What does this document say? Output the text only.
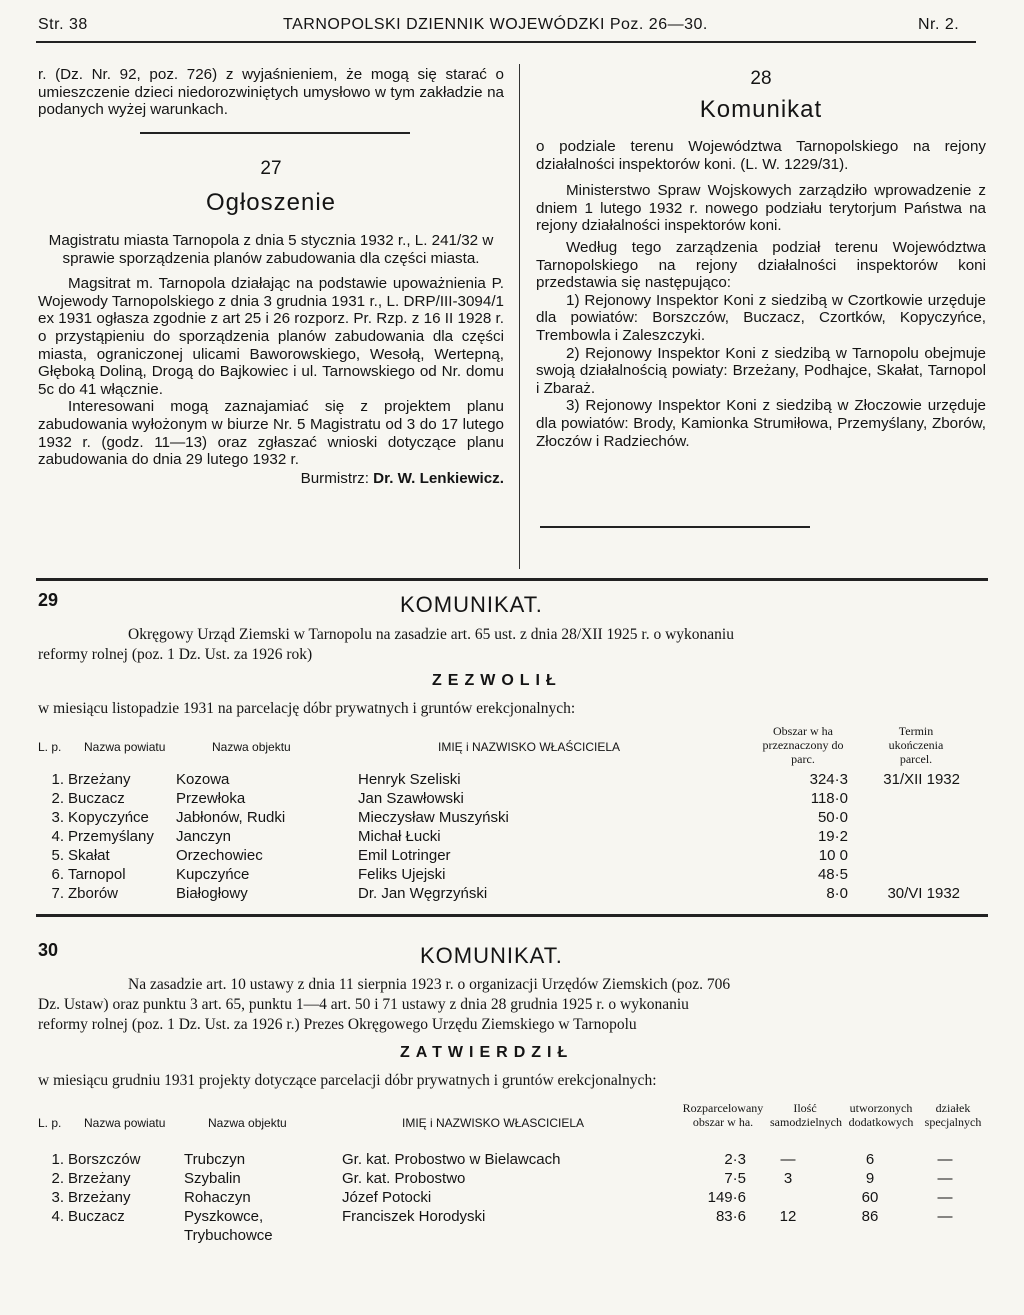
Str. 38	TARNOPOLSKI DZIENNIK WOJEWÓDZKI Poz. 26—30.	Nr. 2.

r. (Dz. Nr. 92, poz. 726) z wyjaśnieniem, że mogą się starać o umieszczenie dzieci niedorozwiniętych umysłowo w tym zakładzie na podanych wyżej warunkach.

27
Ogłoszenie

Magistratu miasta Tarnopola z dnia 5 stycznia 1932 r., L. 241/32 w sprawie sporządzenia planów zabudowania dla części miasta.

Magsitrat m. Tarnopola działając na podstawie upoważnienia P. Wojewody Tarnopolskiego z dnia 3 grudnia 1931 r., L. DRP/III-3094/1 ex 1931 ogłasza zgodnie z art 25 i 26 rozporz. Pr. Rzp. z 16 II 1928 r. o przystąpieniu do sporządzenia planów zabudowania dla części miasta, ograniczonej ulicami Baworowskiego, Wesołą, Wertepną, Głęboką Doliną, Drogą do Bajkowiec i ul. Tarnowskiego od Nr. domu 5c do 41 włącznie.

Interesowani mogą zaznajamiać się z projektem planu zabudowania wyłożonym w biurze Nr. 5 Magistratu od 3 do 17 lutego 1932 r. (godz. 11—13) oraz zgłaszać wnioski dotyczące planu zabudowania do dnia 29 lutego 1932 r.

Burmistrz: Dr. W. Lenkiewicz.

28
Komunikat

o podziale terenu Województwa Tarnopolskiego na rejony działalności inspektorów koni. (L. W. 1229/31).

Ministerstwo Spraw Wojskowych zarządziło wprowadzenie z dniem 1 lutego 1932 r. nowego podziału terytorjum Państwa na rejony działalności inspektorów koni.

Według tego zarządzenia podział terenu Województwa Tarnopolskiego na rejony działalności inspektorów koni przedstawia się następująco:

1) Rejonowy Inspektor Koni z siedzibą w Czortkowie urzęduje dla powiatów: Borszczów, Buczacz, Czortków, Kopyczyńce, Trembowla i Zaleszczyki.

2) Rejonowy Inspektor Koni z siedzibą w Tarnopolu obejmuje swoją działalnością powiaty: Brzeżany, Podhajce, Skałat, Tarnopol i Zbaraż.

3) Rejonowy Inspektor Koni z siedzibą w Złoczowie urzęduje dla powiatów: Brody, Kamionka Strumiłowa, Przemyślany, Zborów, Złoczów i Radziechów.

29	KOMUNIKAT.
Okręgowy Urząd Ziemski w Tarnopolu na zasadzie art. 65 ust. z dnia 28/XII 1925 r. o wykonaniu
reformy rolnej (poz. 1 Dz. Ust. za 1926 rok)
ZEZWOLIŁ
w miesiącu listopadzie 1931 na parcelację dóbr prywatnych i gruntów erekcjonalnych:
L. p. Nazwa powiatu	Nazwa objektu	IMIĘ i NAZWISKO WŁAŚCICIELA
Obszar w ha przeznaczony do parc.
Termin ukończenia parcel.
1.	Brzeżany	Kozowa	Henryk Szeliski	324·3	31/XII 1932
2.	Buczacz	Przewłoka	Jan Szawłowski	118·0	
3.	Kopyczyńce	Jabłonów, Rudki	Mieczysław Muszyński	50·0	
4.	Przemyślany	Janczyn	Michał Łucki	19·2	
5.	Skałat	Orzechowiec	Emil Lotringer	10 0	
6.	Tarnopol	Kupczyńce	Feliks Ujejski	48·5	
7.	Zborów	Białogłowy	Dr. Jan Węgrzyński	8·0	30/VI 1932
30	KOMUNIKAT.
Na zasadzie art. 10 ustawy z dnia 11 sierpnia 1923 r. o organizacji Urzędów Ziemskich (poz. 706
Dz. Ustaw) oraz punktu 3 art. 65, punktu 1—4 art. 50 i 71 ustawy z dnia 28 grudnia 1925 r. o wykonaniu
reformy rolnej (poz. 1 Dz. Ust. za 1926 r.) Prezes Okręgowego Urzędu Ziemskiego w Tarnopolu
ZATWIERDZIŁ
w miesiącu grudniu 1931 projekty dotyczące parcelacji dóbr prywatnych i gruntów erekcjonalnych:
L. p. Nazwa powiatu	Nazwa objektu	IMIĘ i NAZWISKO WŁASCICIELA
Rozparcelowany obszar w ha.
Ilość samodzielnych
utworzonych dodatkowych
działek specjalnych
1.	Borszczów	Trubczyn	Gr. kat. Probostwo w Bielawcach	2·3	—	6	—
2.	Brzeżany	Szybalin	Gr. kat. Probostwo	7·5	3	9	—
3.	Brzeżany	Rohaczyn	Józef Potocki	149·6		60	—
4.	Buczacz	Pyszkowce, Trybuchowce	Franciszek Horodyski	83·6	12	86	—
